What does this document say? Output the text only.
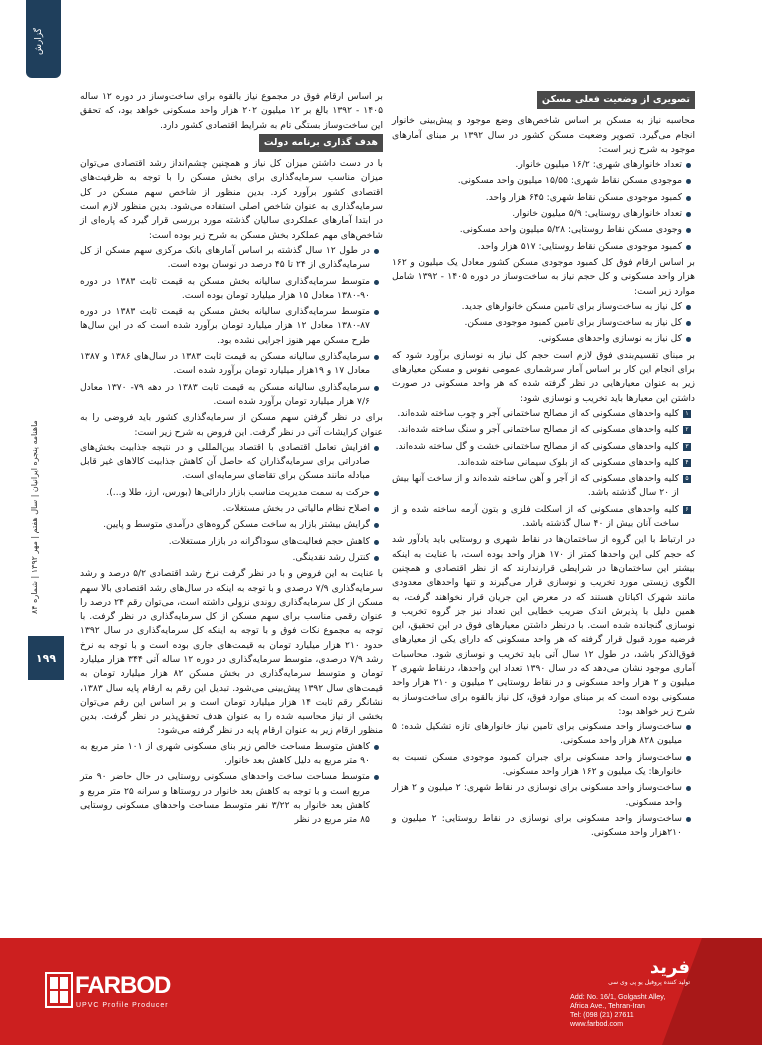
گزارش
ماهنامه پنجره ایرانیان | سال هفتم | مهر ۱۳۹۲ | شماره ۸۴
۱۹۹
تصویری از وضعیت فعلی مسکن

محاسبه نیاز به مسکن بر اساس شاخص‌های وضع موجود و پیش‌بینی خانوار انجام می‌گیرد. تصویر وضعیت مسکن کشور در سال ۱۳۹۲ بر مبنای آمارهای موجود به شرح زیر است:

تعداد خانوارهای شهری: ۱۶/۲ میلیون خانوار.
موجودی مسکن نقاط شهری: ۱۵/۵۵ میلیون واحد مسکونی.
کمبود موجودی مسکن نقاط شهری: ۶۴۵ هزار واحد.
تعداد خانوارهای روستایی: ۵/۹ میلیون خانوار.
وجودی مسکن نقاط روستایی: ۵/۲۸ میلیون واحد مسکونی.
کمبود موجودی مسکن نقاط روستایی: ۵۱۷ هزار واحد.

بر اساس ارقام فوق کل کمبود موجودی مسکن کشور معادل یک میلیون و ۱۶۲ هزار واحد مسکونی و کل حجم نیاز به ساخت‌وساز در دوره ۱۴۰۵ - ۱۳۹۲ شامل موارد زیر است:

کل نیاز به ساخت‌وساز برای تامین مسکن خانوارهای جدید.
کل نیاز به ساخت‌وساز برای تامین کمبود موجودی مسکن.
کل نیاز به نوسازی واحدهای مسکونی.

بر مبنای تقسیم‌بندی فوق لازم است حجم کل نیاز به نوسازی برآورد شود که برای انجام این کار بر اساس آمار سرشماری عمومی نفوس و مسکن معیارهای زیر به عنوان معیارهایی در نظر گرفته شده که هر واحد مسکونی در صورت داشتن این معیارها باید تخریب و نوسازی شود:

۱
کلیه واحدهای مسکونی که از مصالح ساختمانی آجر و چوب ساخته شده‌اند.
۲
کلیه واحدهای مسکونی که از مصالح ساختمانی آجر و سنگ ساخته شده‌اند.
۳
کلیه واحدهای مسکونی که از مصالح ساختمانی خشت و گل ساخته شده‌اند.
۴
کلیه واحدهای مسکونی که از بلوک سیمانی ساخته شده‌اند.
۵
کلیه واحدهای مسکونی که از آجر و آهن ساخته شده‌اند و از ساخت آنها بیش از ۲۰ سال گذشته باشد.
۶
کلیه واحدهای مسکونی که از اسکلت فلزی و بتون آرمه ساخته شده و از ساخت آنان بیش از ۴۰ سال گذشته باشد.

در ارتباط با این گروه از ساختمان‌ها در نقاط شهری و روستایی باید یادآور شد که حجم کلی این واحدها کمتر از ۱۷۰ هزار واحد بوده است، با عنایت به اینکه بیشتر این ساختمان‌ها در شرایطی قرارندارند که از نظر اقتصادی و همچنین الگوی زیستی مورد تخریب و نوسازی قرار می‌گیرند و تنها واحدهای معدودی مانند شهرک اکباتان هستند که در معرض این جریان قرار نخواهند گرفت، به همین دلیل با پذیرش اندک ضریب خطایی این تعداد نیز جز گروه تخریب و نوسازی گنجانده شده است. با درنظر داشتن معیارهای فوق در این تحقیق، این فرضیه مورد قبول قرار گرفته که هر واحد مسکونی که دارای یکی از معیارهای فوق‌الذکر باشد، در طول ۱۲ سال آتی باید تخریب و نوسازی شود. محاسبات آماری موجود نشان می‌دهد که در سال ۱۳۹۰ تعداد این واحدها، درنقاط شهری ۲ میلیون و ۲ هزار واحد مسکونی و در نقاط روستایی ۲ میلیون و ۲۱۰ هزار واحد مسکونی بوده است که بر مبنای موارد فوق، کل نیاز بالقوه برای ساخت‌وساز به شرح زیر خواهد بود:

ساخت‌وساز واحد مسکونی برای تامین نیاز خانوارهای تازه تشکیل شده: ۵ میلیون ۸۲۸ هزار واحد مسکونی.
ساخت‌وساز واحد مسکونی برای جبران کمبود موجودی مسکن نسبت به خانوارها: یک میلیون و ۱۶۲ هزار واحد مسکونی.
ساخت‌وساز واحد مسکونی برای نوسازی در نقاط شهری: ۲ میلیون و ۲ هزار واحد مسکونی.
ساخت‌وساز واحد مسکونی برای نوسازی در نقاط روستایی: ۲ میلیون و ۲۱۰هزار واحد مسکونی.

بر اساس ارقام فوق در مجموع نیاز بالقوه برای ساخت‌وساز در دوره ۱۲ ساله ۱۴۰۵ - ۱۳۹۲ بالغ بر ۱۲ میلیون ۲۰۲ هزار واحد مسکونی خواهد بود، که تحقق این ساخت‌وساز بستگی تام به شرایط اقتصادی کشور دارد.

هدف گذاری برنامه دولت

با در دست داشتن میزان کل نیاز و همچنین چشم‌انداز رشد اقتصادی می‌توان میزان مناسب سرمایه‌گذاری برای بخش مسکن را با توجه به ظرفیت‌های اقتصادی کشور برآورد کرد. بدین منظور از شاخص سهم مسکن در کل سرمایه‌گذاری به عنوان شاخص اصلی استفاده می‌شود. بدین منظور لازم است در ابتدا آمارهای عملکردی سالیان گذشته مورد بررسی قرار گیرد که پاره‌ای از شاخص‌های مهم عملکرد بخش مسکن به شرح زیر بوده است:

در طول ۱۲ سال گذشته بر اساس آمارهای بانک مرکزی سهم مسکن از کل سرمایه‌گذاری از ۲۴ تا ۴۵ درصد در نوسان بوده است.
متوسط سرمایه‌گذاری سالیانه بخش مسکن به قیمت ثابت ۱۳۸۳ در دوره ۹۰-۱۳۸۰ معادل ۱۵ هزار میلیارد تومان بوده است.
متوسط سرمایه‌گذاری سالیانه بخش مسکن به قیمت ثابت ۱۳۸۳ در دوره ۸۷-۱۳۸۰ معادل ۱۲ هزار میلیارد تومان برآورد شده است که در این سال‌ها طرح مسکن مهر هنوز اجرایی نشده بود.
سرمایه‌گذاری سالیانه مسکن به قیمت ثابت ۱۳۸۳ در سال‌های ۱۳۸۶ و ۱۳۸۷ معادل ۱۷ و ۱۹هزار میلیارد تومان برآورد شده است.
سرمایه‌گذاری سالیانه مسکن به قیمت ثابت ۱۳۸۳ در دهه ۷۹- ۱۳۷۰ معادل ۷/۶ هزار میلیارد تومان برآورد شده است.

برای در نظر گرفتن سهم مسکن از سرمایه‌گذاری کشور باید فروضی را به عنوان کرایشات آتی در نظر گرفت. این فروض به شرح زیر است:

افزایش تعامل اقتصادی با اقتصاد بین‌المللی و در نتیجه جذابیت بخش‌های صادراتی برای سرمایه‌گذاران که حاصل آن کاهش جذابیت کالاهای غیر قابل مبادله مانند مسکن برای تقاضای سرمایه‌ای است.
حرکت به سمت مدیریت مناسب بازار دارائی‌ها (بورس، ارز، طلا و...).
اصلاح نظام مالیاتی در بخش مستغلات.
گرایش بیشتر بازار به ساخت مسکن گروه‌های درآمدی متوسط و پایین.
کاهش حجم فعالیت‌های سوداگرانه در بازار مستغلات.
کنترل رشد نقدینگی.

با عنایت به این فروض و با در نظر گرفت نرخ رشد اقتصادی ۵/۲ درصد و رشد سرمایه‌گذاری ۷/۹ درصدی و با توجه به اینکه در سال‌های رشد اقتصادی بالا سهم مسکن از کل سرمایه‌گذاری روندی نزولی داشته است، می‌توان رقم ۲۴ درصد را عنوان رقمی مناسب برای سهم مسکن از کل سرمایه‌گذاری در نظر گرفت. با توجه به مجموع نکات فوق و با توجه به اینکه کل سرمایه‌گذاری در سال ۱۳۹۲ حدود ۲۱۰ هزار میلیارد تومان به قیمت‌های جاری بوده است و با توجه به نرخ رشد ۷/۹ درصدی، متوسط سرمایه‌گذاری در دوره ۱۲ ساله آتی ۳۴۴ هزار میلیارد تومان و متوسط سرمایه‌گذاری در بخش مسکن ۸۲ هزار میلیارد تومان به قیمت‌های سال ۱۳۹۲ پیش‌بینی می‌شود. تبدیل این رقم به ارقام پایه سال ۱۳۸۳، نشانگر رقم ثابت ۱۴ هزار میلیارد تومان است و بر اساس این رقم می‌توان بخشی از نیاز محاسبه شده را به عنوان هدف تحقق‌پذیر در نظر گرفت. بدین منظور ارقام زیر به عنوان ارقام پایه در نظر گرفته می‌شود:

کاهش متوسط مساحت خالص زیر بنای مسکونی شهری از ۱۰۱ متر مربع به ۹۰ متر مربع به دلیل کاهش بعد خانوار.
متوسط مساحت ساخت واحدهای مسکونی روستایی در حال حاضر ۹۰ متر مربع است و با توجه به کاهش بعد خانوار در روستاها و سرانه ۲۵ متر مربع و کاهش بعد خانوار به ۳/۲۲ نفر متوسط مساحت واحدهای مسکونی روستایی ۸۵ متر مربع در نظر
FARBOD
UPVC Profile Producer
فرید
تولید کننده پروفیل یو پی وی سی
Add: No. 16/1, Golgasht Alley,
Africa Ave., Tehran-Iran
Tel: (098 (21) 27611
www.farbod.com
